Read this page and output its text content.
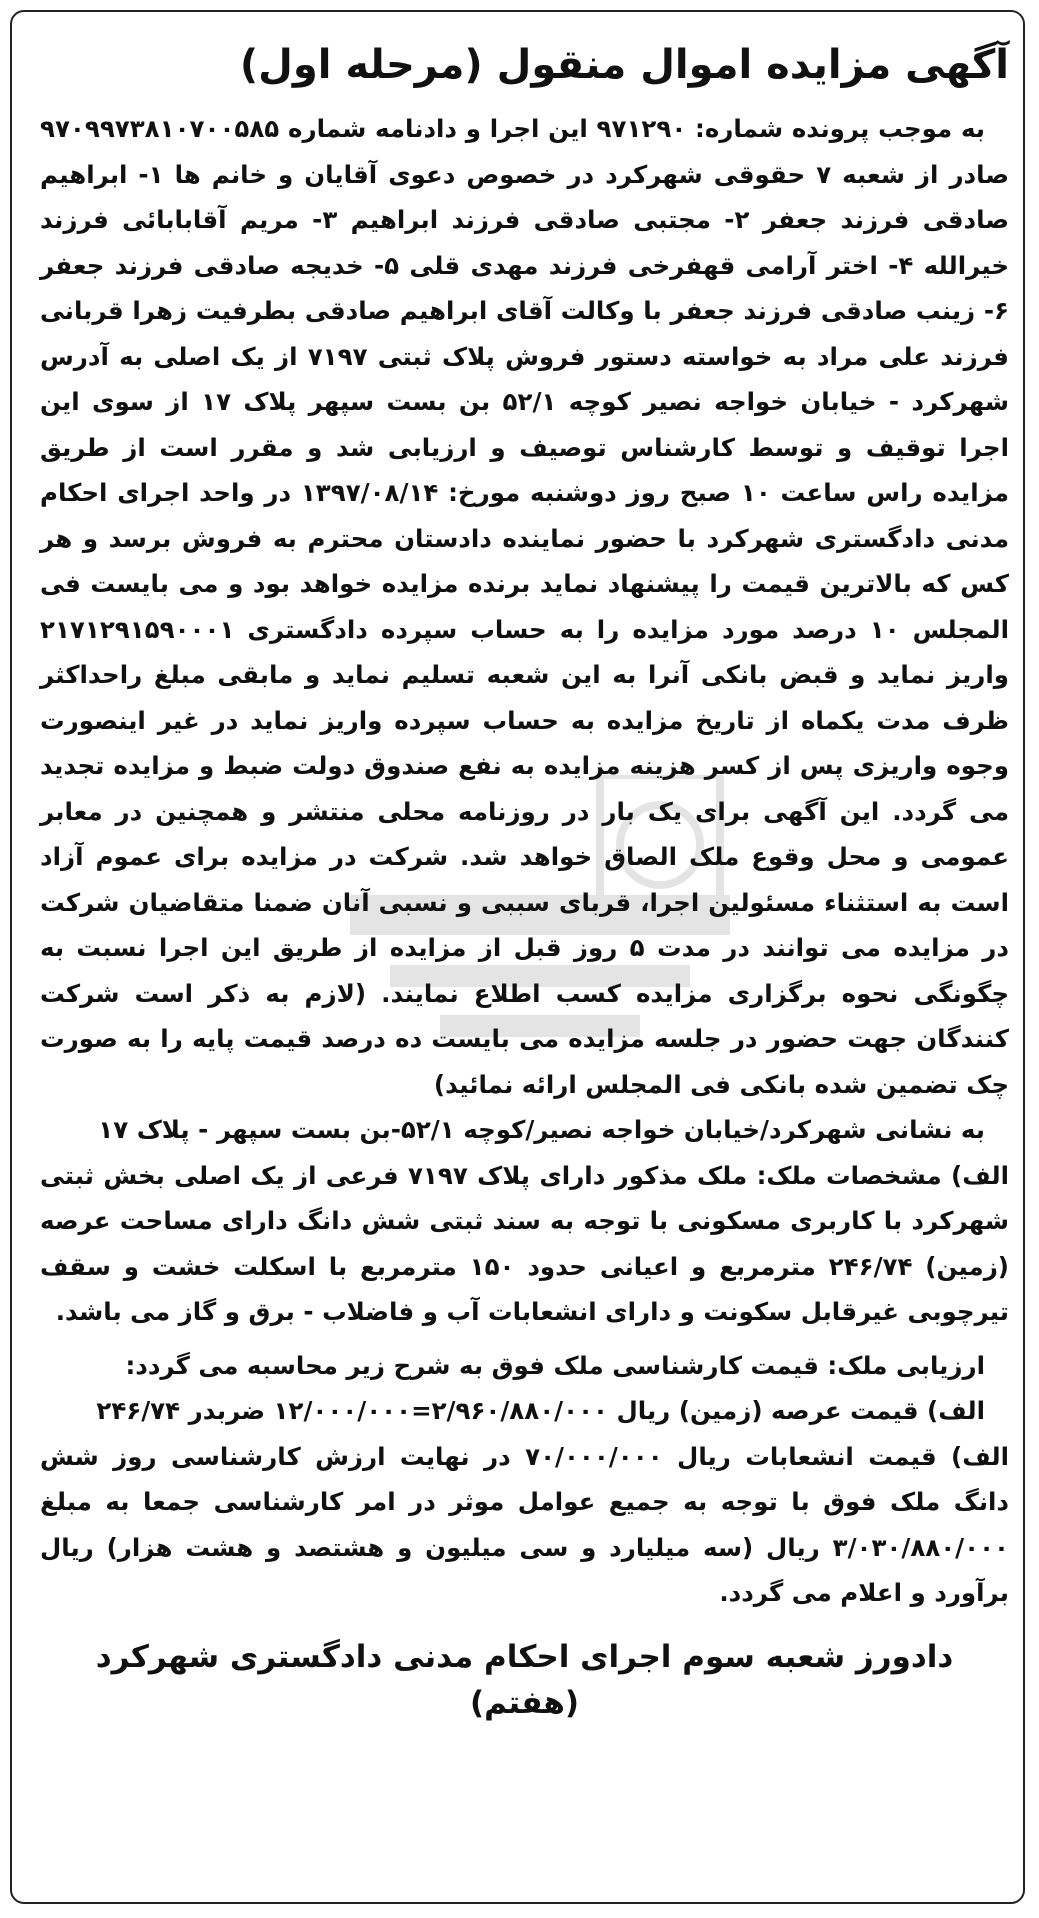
آگهی مزایده اموال منقول (مرحله اول)

به موجب پرونده شماره: ۹۷۱۲۹۰ این اجرا و دادنامه شماره ۹۷۰۹۹۷۳۸۱۰۷۰۰۵۸۵ صادر از شعبه ۷ حقوقی شهرکرد در خصوص دعوی آقایان و خانم ها ۱- ابراهیم صادقی فرزند جعفر ۲- مجتبی صادقی فرزند ابراهیم ۳- مریم آقابابائی فرزند خیرالله ۴- اختر آرامی قهفرخی فرزند مهدی قلی ۵- خدیجه صادقی فرزند جعفر ۶- زینب صادقی فرزند جعفر با وکالت آقای ابراهیم صادقی بطرفیت زهرا قربانی فرزند علی مراد به خواسته دستور فروش پلاک ثبتی ۷۱۹۷ از یک اصلی به آدرس شهرکرد - خیابان خواجه نصیر کوچه ۵۲/۱ بن بست سپهر پلاک ۱۷ از سوی این اجرا توقیف و توسط کارشناس توصیف و ارزیابی شد و مقرر است از طریق مزایده راس ساعت ۱۰ صبح روز دوشنبه مورخ: ۱۳۹۷/۰۸/۱۴ در واحد اجرای احکام مدنی دادگستری شهرکرد با حضور نماینده دادستان محترم به فروش برسد و هر کس که بالاترین قیمت را پیشنهاد نماید برنده مزایده خواهد بود و می بایست فی المجلس ۱۰ درصد مورد مزایده را به حساب سپرده دادگستری ۲۱۷۱۲۹۱۵۹۰۰۰۱ واریز نماید و قبض بانکی آنرا به این شعبه تسلیم نماید و مابقی مبلغ راحداکثر ظرف مدت یکماه از تاریخ مزایده به حساب سپرده واریز نماید در غیر اینصورت وجوه واریزی پس از کسر هزینه مزایده به نفع صندوق دولت ضبط و مزایده تجدید می گردد. این آگهی برای یک بار در روزنامه محلی منتشر و همچنین در معابر عمومی و محل وقوع ملک الصاق خواهد شد. شرکت در مزایده برای عموم آزاد است به استثناء مسئولین اجرا، قربای سببی و نسبی آنان ضمنا متقاضیان شرکت در مزایده می توانند در مدت ۵ روز قبل از مزایده از طریق این اجرا نسبت به چگونگی نحوه برگزاری مزایده کسب اطلاع نمایند. (لازم به ذکر است شرکت کنندگان جهت حضور در جلسه مزایده می بایست ده درصد قیمت پایه را به صورت چک تضمین شده بانکی فی المجلس ارائه نمائید)

به نشانی شهرکرد/خیابان خواجه نصیر/کوچه ۵۲/۱-بن بست سپهر - پلاک ۱۷

الف) مشخصات ملک: ملک مذکور دارای پلاک ۷۱۹۷ فرعی از یک اصلی بخش ثبتی شهرکرد با کاربری مسکونی با توجه به سند ثبتی شش دانگ دارای مساحت عرصه (زمین) ۲۴۶/۷۴ مترمربع و اعیانی حدود ۱۵۰ مترمربع با اسکلت خشت و سقف تیرچوبی غیرقابل سکونت و دارای انشعابات آب و فاضلاب - برق و گاز می باشد.

ارزیابی ملک: قیمت کارشناسی ملک فوق به شرح زیر محاسبه می گردد:

الف) قیمت عرصه (زمین) ریال ۲/۹۶۰/۸۸۰/۰۰۰=۱۲/۰۰۰/۰۰۰ ضربدر ۲۴۶/۷۴

الف) قیمت انشعابات ریال ۷۰/۰۰۰/۰۰۰ در نهایت ارزش کارشناسی روز شش دانگ ملک فوق با توجه به جمیع عوامل موثر در امر کارشناسی جمعا به مبلغ ۳/۰۳۰/۸۸۰/۰۰۰ ریال (سه میلیارد و سی میلیون و هشتصد و هشت هزار) ریال برآورد و اعلام می گردد.

دادورز شعبه سوم اجرای احکام مدنی دادگستری شهرکرد (هفتم)
